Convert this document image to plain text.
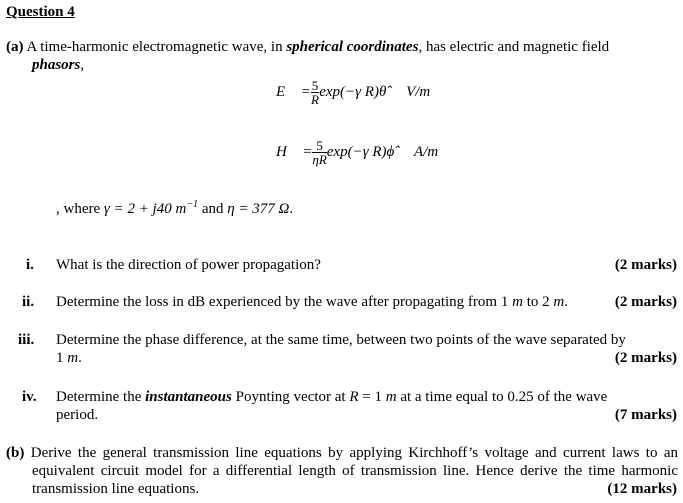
Question 4
(a) A time-harmonic electromagnetic wave, in spherical coordinates, has electric and magnetic field
phasors,
E⃗ = $\frac{5}{R} \exp(-\gamma$ R)θ̂ V/m
H⃗ = $\frac{5}{\eta R} \exp(-\gamma$ R)ϕ̂ A/m
, where γ = 2 + j40 $m^{-1}$ and η = 377 Ω.
i. What is the direction of power propagation?	(2 marks)
ii. Determine the loss in dB experienced by the wave after propagating from 1 m to 2 m.	(2 marks)
iii. Determine the phase difference, at the same time, between two points of the wave separated by
1 m.	(2 marks)
iv. Determine the instantaneous Poynting vector at R = 1 m at a time equal to 0.25 of the wave
period.	(7 marks)
(b) Derive the general transmission line equations by applying Kirchhoff’s voltage and current laws to an equivalent circuit model for a differential length of transmission line. Hence derive the time harmonic transmission line equations.	(12 marks)
